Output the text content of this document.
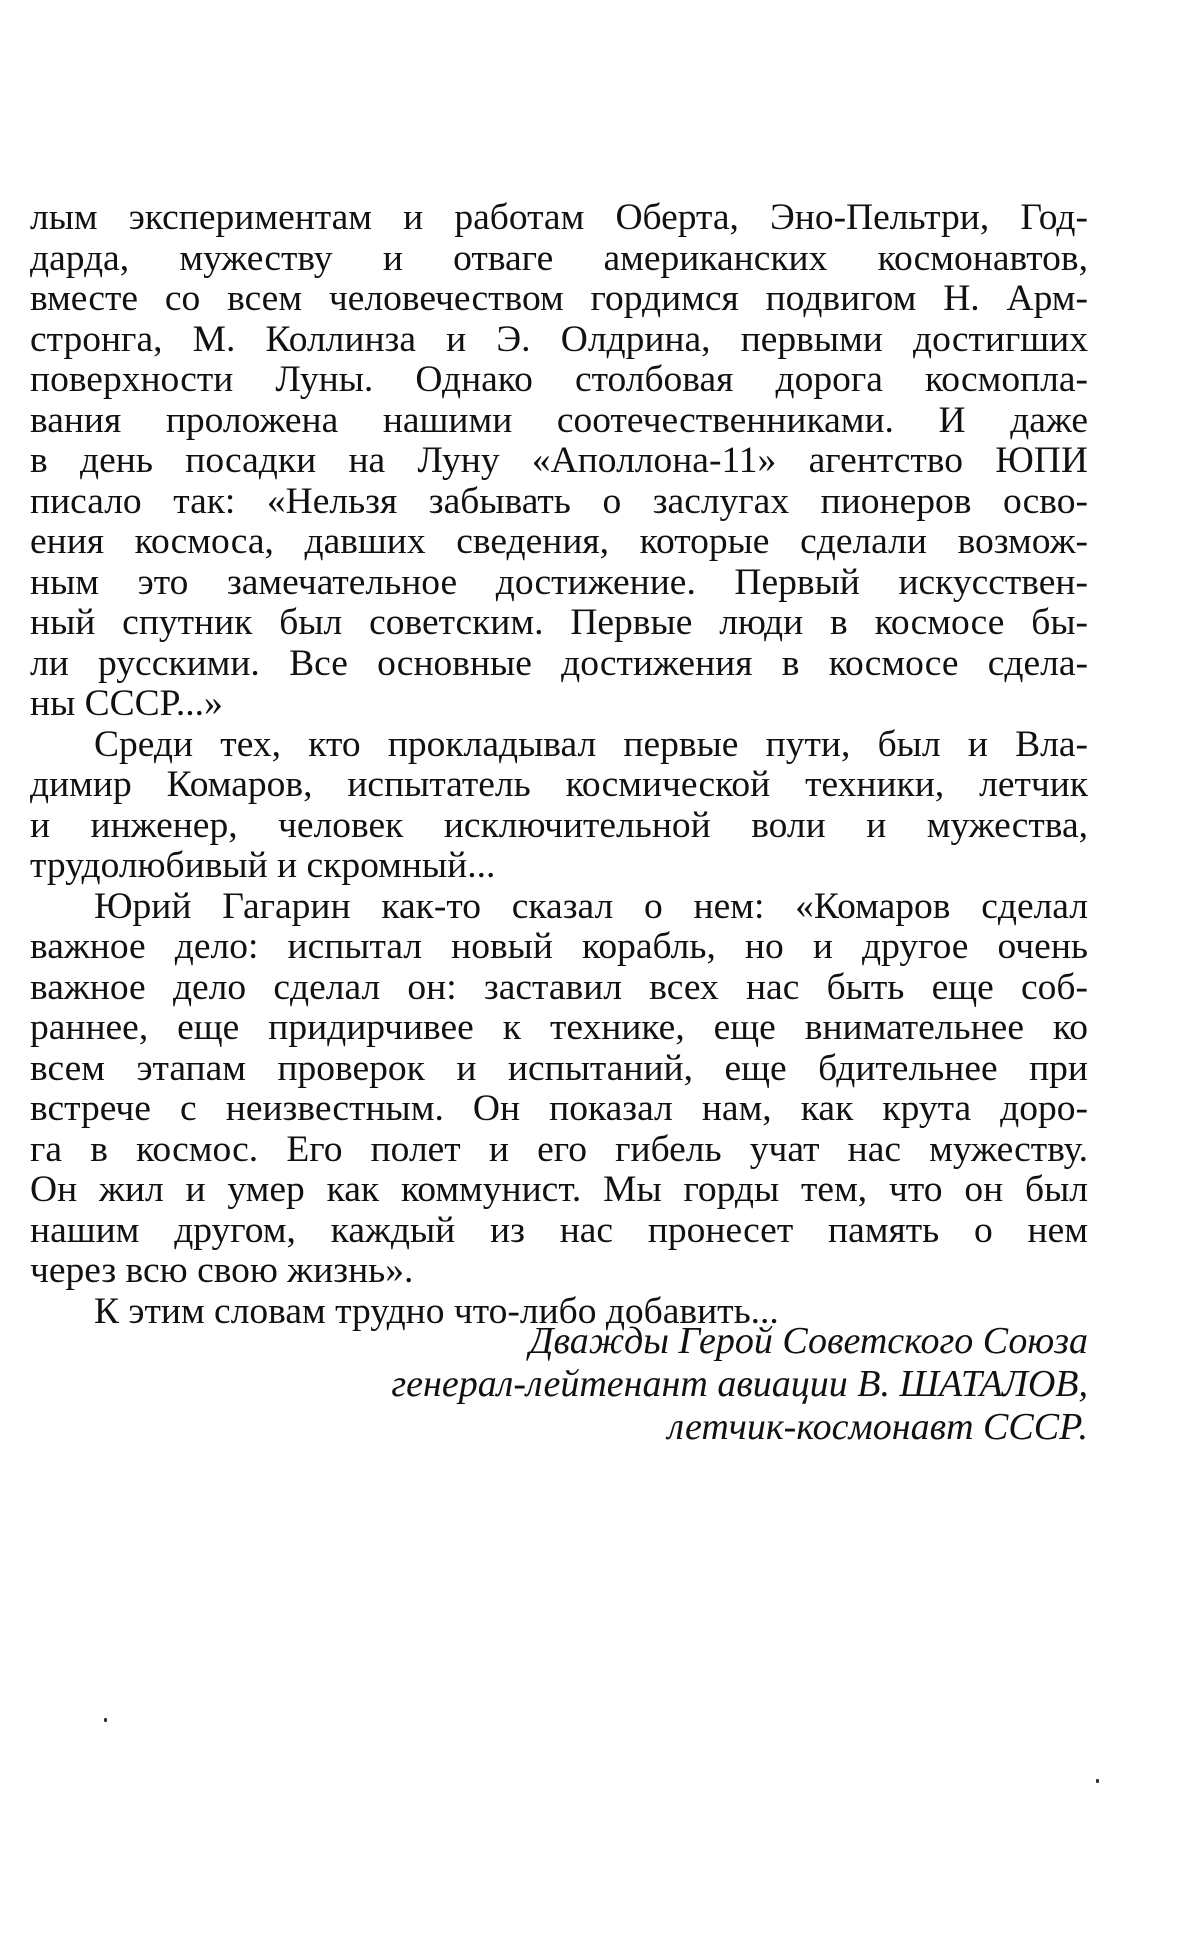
лым экспериментам и работам Оберта, Эно-Пельтри, Год-
дарда, мужеству и отваге американских космонавтов,
вместе со всем человечеством гордимся подвигом Н. Арм-
стронга, М. Коллинза и Э. Олдрина, первыми достигших
поверхности Луны. Однако столбовая дорога космопла-
вания проложена нашими соотечественниками. И даже
в день посадки на Луну «Аполлона-11» агентство ЮПИ
писало так: «Нельзя забывать о заслугах пионеров осво-
ения космоса, давших сведения, которые сделали возмож-
ным это замечательное достижение. Первый искусствен-
ный спутник был советским. Первые люди в космосе бы-
ли русскими. Все основные достижения в космосе сдела-
ны СССР...»
Среди тех, кто прокладывал первые пути, был и Вла-
димир Комаров, испытатель космической техники, летчик
и инженер, человек исключительной воли и мужества,
трудолюбивый и скромный...
Юрий Гагарин как-то сказал о нем: «Комаров сделал
важное дело: испытал новый корабль, но и другое очень
важное дело сделал он: заставил всех нас быть еще соб-
раннее, еще придирчивее к технике, еще внимательнее ко
всем этапам проверок и испытаний, еще бдительнее при
встрече с неизвестным. Он показал нам, как крута доро-
га в космос. Его полет и его гибель учат нас мужеству.
Он жил и умер как коммунист. Мы горды тем, что он был
нашим другом, каждый из нас пронесет память о нем
через всю свою жизнь».
К этим словам трудно что-либо добавить...
Дважды Герой Советского Союза
генерал-лейтенант авиации В. ШАТАЛОВ,
летчик-космонавт СССР.
